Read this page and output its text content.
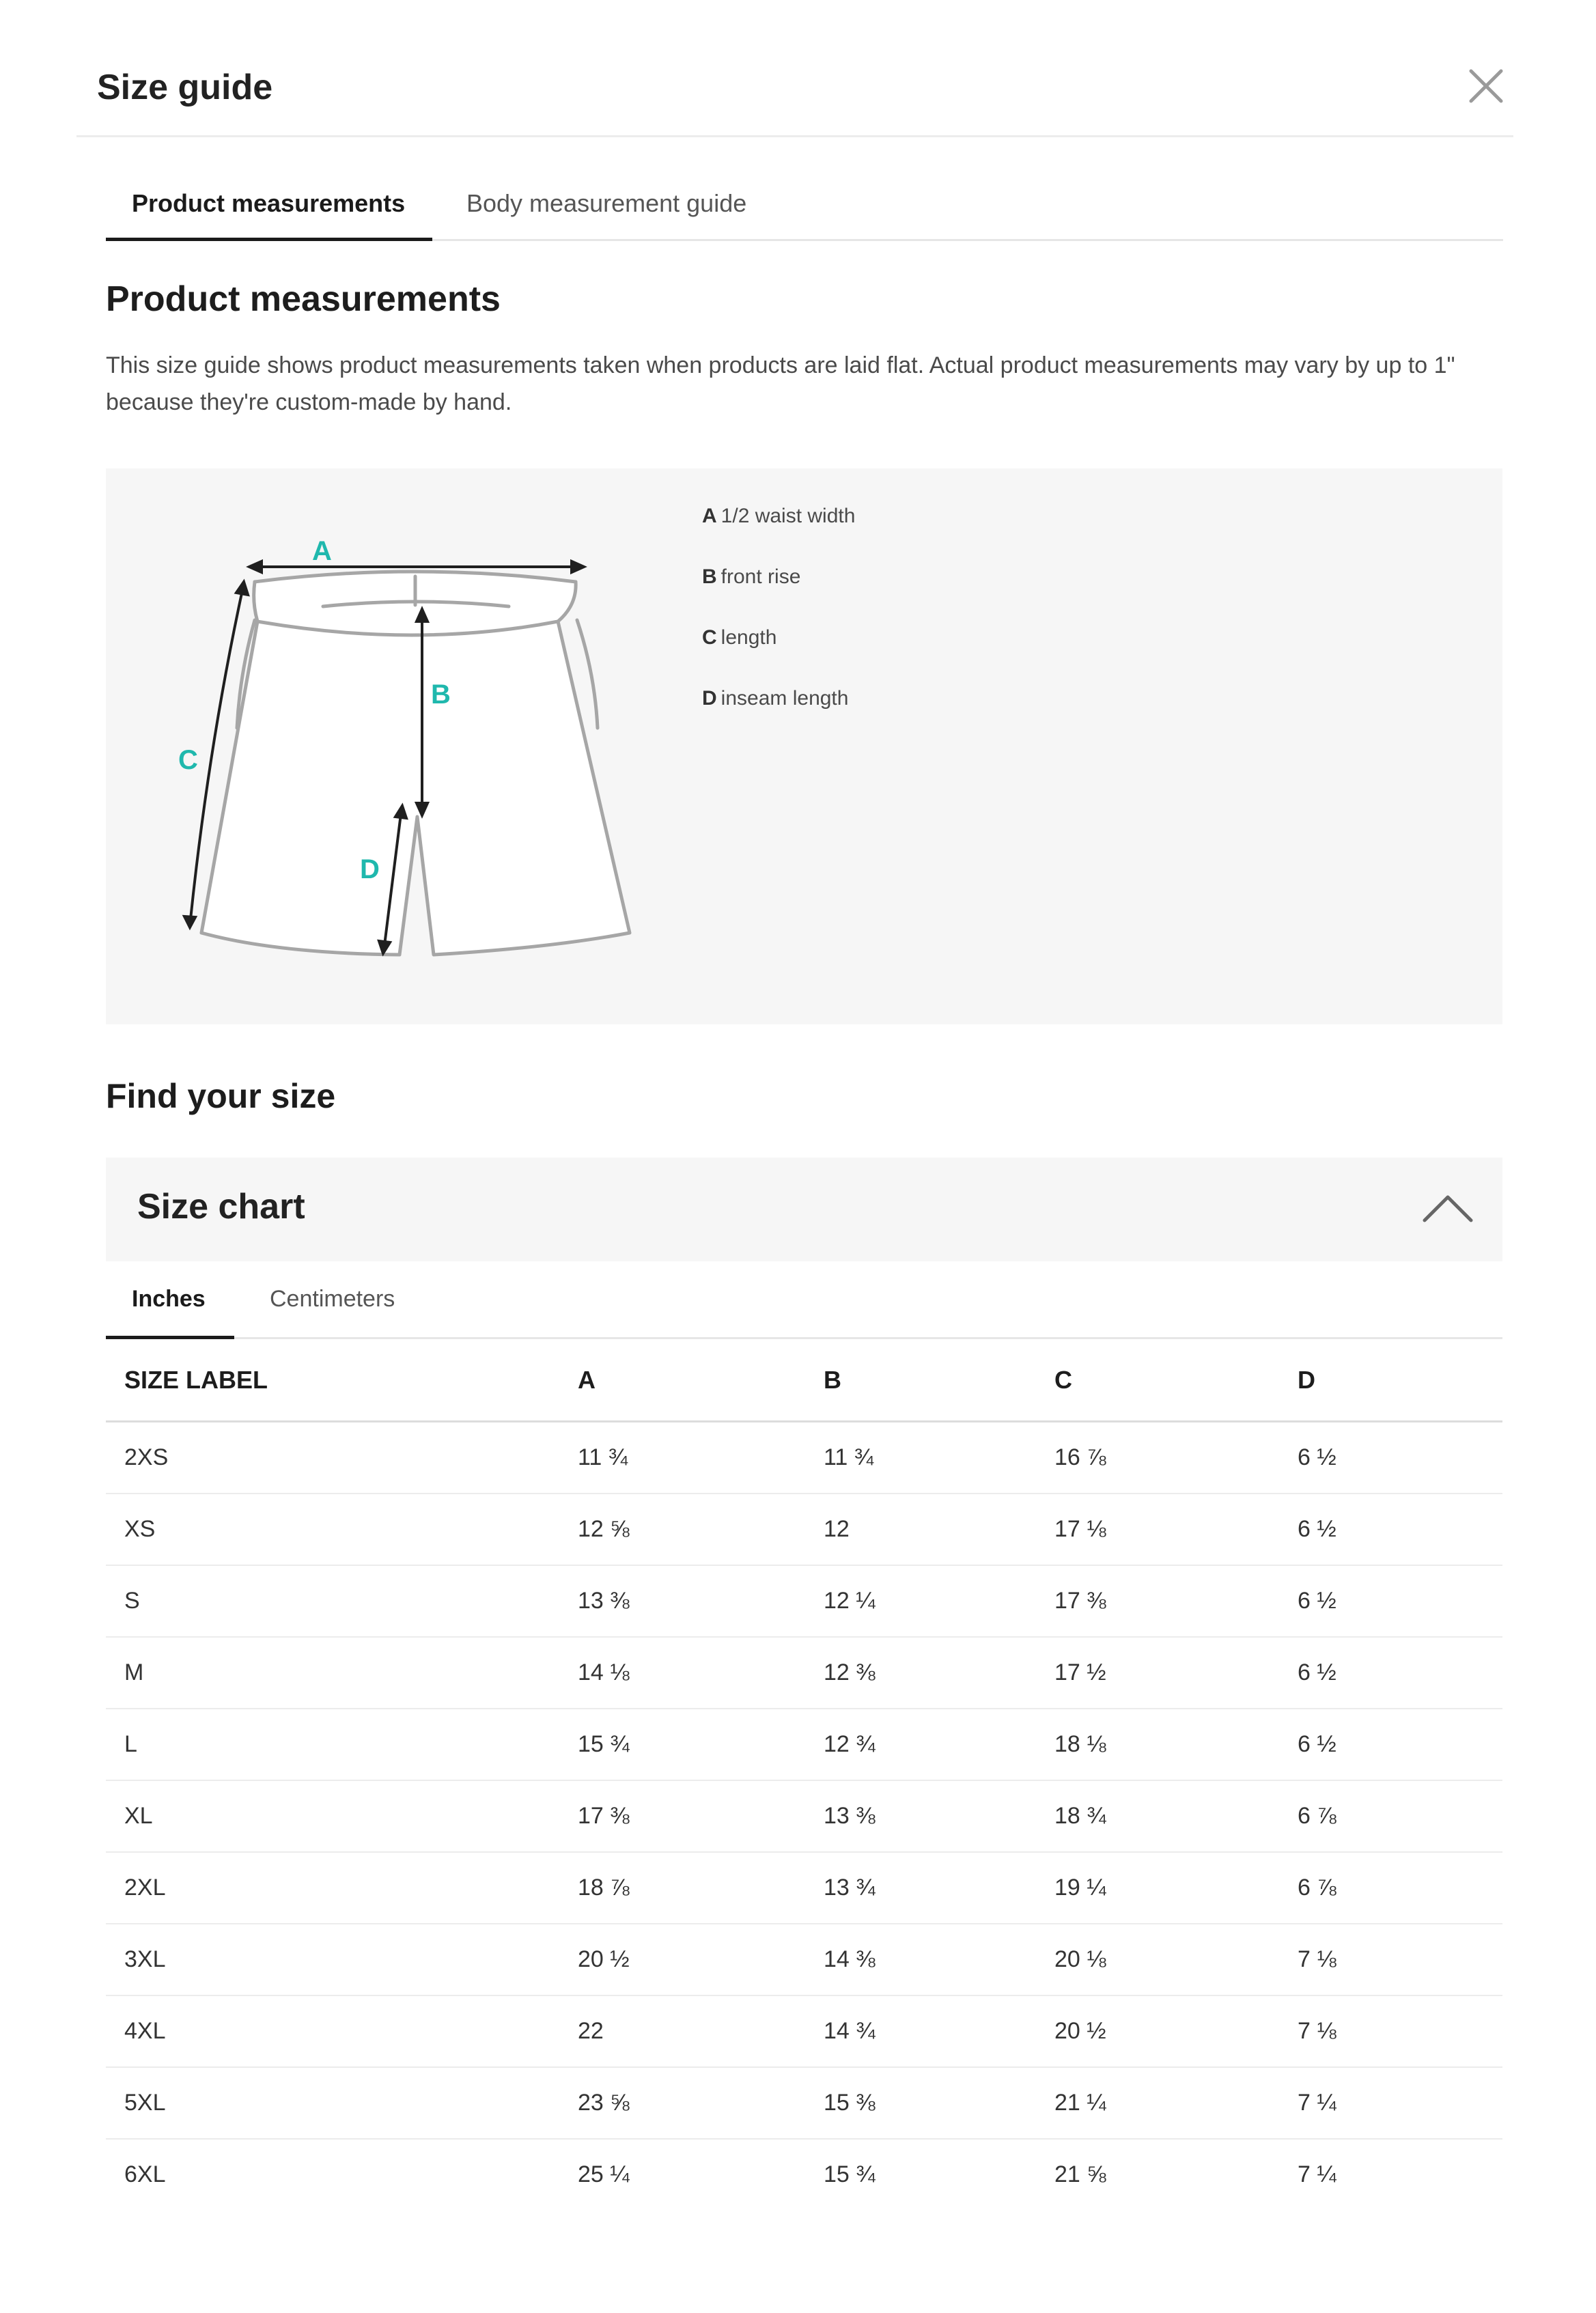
Size guide
Product measurements Body measurement guide
Product measurements
This size guide shows product measurements taken when products are laid flat. Actual product measurements may vary by up to 1" because they're custom-made by hand.
A
B
C
D
A 1/2 waist width
B front rise
C length
D inseam length
Find your size
Size chart
Inches	Centimeters
SIZE LABEL	A	B	C	D
2XS	11 ¾	11 ¾	16 ⅞	6 ½
XS	12 ⅝	12	17 ⅛	6 ½
S	13 ⅜	12 ¼	17 ⅜	6 ½
M	14 ⅛	12 ⅜	17 ½	6 ½
L	15 ¾	12 ¾	18 ⅛	6 ½
XL	17 ⅜	13 ⅜	18 ¾	6 ⅞
2XL	18 ⅞	13 ¾	19 ¼	6 ⅞
3XL	20 ½	14 ⅜	20 ⅛	7 ⅛
4XL	22	14 ¾	20 ½	7 ⅛
5XL	23 ⅝	15 ⅜	21 ¼	7 ¼
6XL	25 ¼	15 ¾	21 ⅝	7 ¼
